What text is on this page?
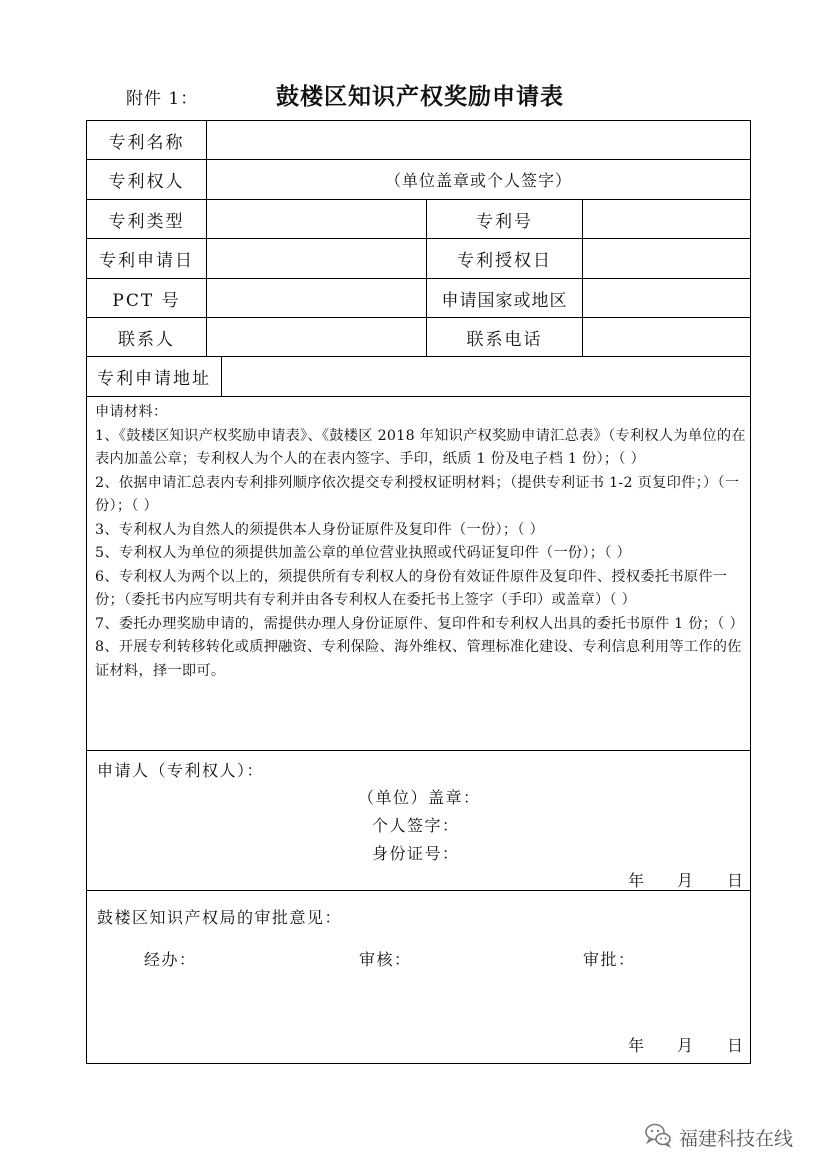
附件 1：	鼓楼区知识产权奖励申请表
专利名称
专利权人	（单位盖章或个人签字）
专利类型	专利号
专利申请日	专利授权日
PCT 号	申请国家或地区
联系人	联系电话
专利申请地址

申请材料：

1、《鼓楼区知识产权奖励申请表》、《鼓楼区 2018 年知识产权奖励申请汇总表》（专利权人为单位的在表内加盖公章；专利权人为个人的在表内签字、手印，纸质 1 份及电子档 1 份）；（ ）

2、依据申请汇总表内专利排列顺序依次提交专利授权证明材料；（提供专利证书 1-2 页复印件；）（一份）；（ ）

3、专利权人为自然人的须提供本人身份证原件及复印件（一份）；（ ）

5、专利权人为单位的须提供加盖公章的单位营业执照或代码证复印件（一份）；（ ）

6、专利权人为两个以上的，须提供所有专利权人的身份有效证件原件及复印件、授权委托书原件一份；（委托书内应写明共有专利并由各专利权人在委托书上签字（手印）或盖章）（ ）

7、委托办理奖励申请的，需提供办理人身份证原件、复印件和专利权人出具的委托书原件 1 份；（ ）

8、开展专利转移转化或质押融资、专利保险、海外维权、管理标准化建设、专利信息利用等工作的佐证材料，择一即可。

申请人（专利权人）：
（单位）盖章：
个人签字：
身份证号：
年 月 日
鼓楼区知识产权局的审批意见：
经办：	审核：	审批：
年 月 日
福建科技在线
